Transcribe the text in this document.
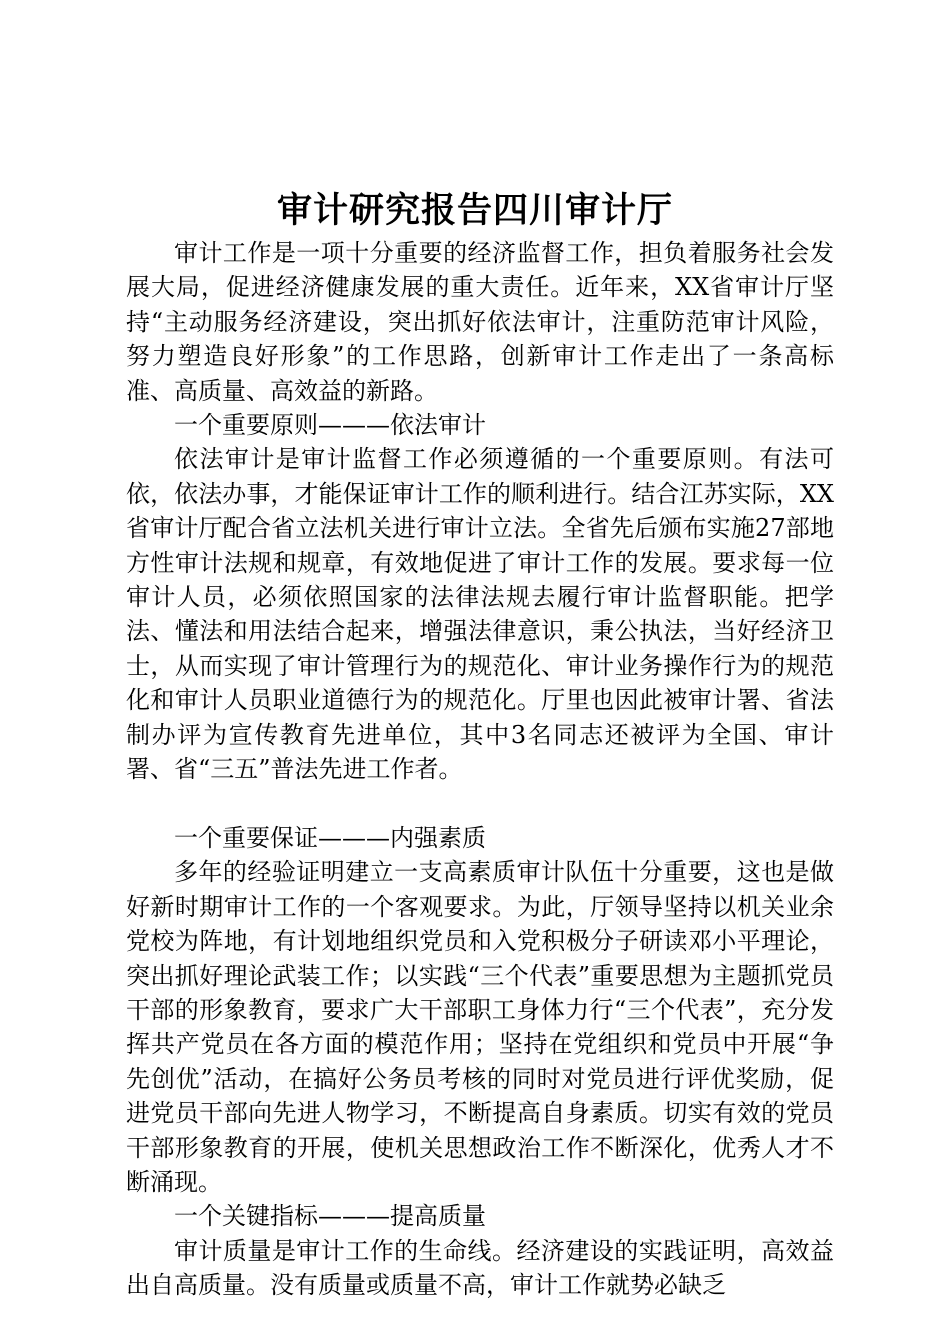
审计研究报告四川审计厅

审计工作是一项十分重要的经济监督工作，担负着服务社会发展大局，促进经济健康发展的重大责任。近年来，XX省审计厅坚持“主动服务经济建设，突出抓好依法审计，注重防范审计风险，努力塑造良好形象”的工作思路，创新审计工作走出了一条高标准、高质量、高效益的新路。

一个重要原则———依法审计

依法审计是审计监督工作必须遵循的一个重要原则。有法可依，依法办事，才能保证审计工作的顺利进行。结合江苏实际，XX省审计厅配合省立法机关进行审计立法。全省先后颁布实施27部地方性审计法规和规章，有效地促进了审计工作的发展。要求每一位审计人员，必须依照国家的法律法规去履行审计监督职能。把学法、懂法和用法结合起来，增强法律意识，秉公执法，当好经济卫士，从而实现了审计管理行为的规范化、审计业务操作行为的规范化和审计人员职业道德行为的规范化。厅里也因此被审计署、省法制办评为宣传教育先进单位，其中3名同志还被评为全国、审计署、省“三五”普法先进工作者。

一个重要保证———内强素质

多年的经验证明建立一支高素质审计队伍十分重要，这也是做好新时期审计工作的一个客观要求。为此，厅领导坚持以机关业余党校为阵地，有计划地组织党员和入党积极分子研读邓小平理论，突出抓好理论武装工作；以实践“三个代表”重要思想为主题抓党员干部的形象教育，要求广大干部职工身体力行“三个代表”，充分发挥共产党员在各方面的模范作用；坚持在党组织和党员中开展“争先创优”活动，在搞好公务员考核的同时对党员进行评优奖励，促进党员干部向先进人物学习，不断提高自身素质。切实有效的党员干部形象教育的开展，使机关思想政治工作不断深化，优秀人才不断涌现。

一个关键指标———提高质量

审计质量是审计工作的生命线。经济建设的实践证明，高效益出自高质量。没有质量或质量不高，审计工作就势必缺乏
